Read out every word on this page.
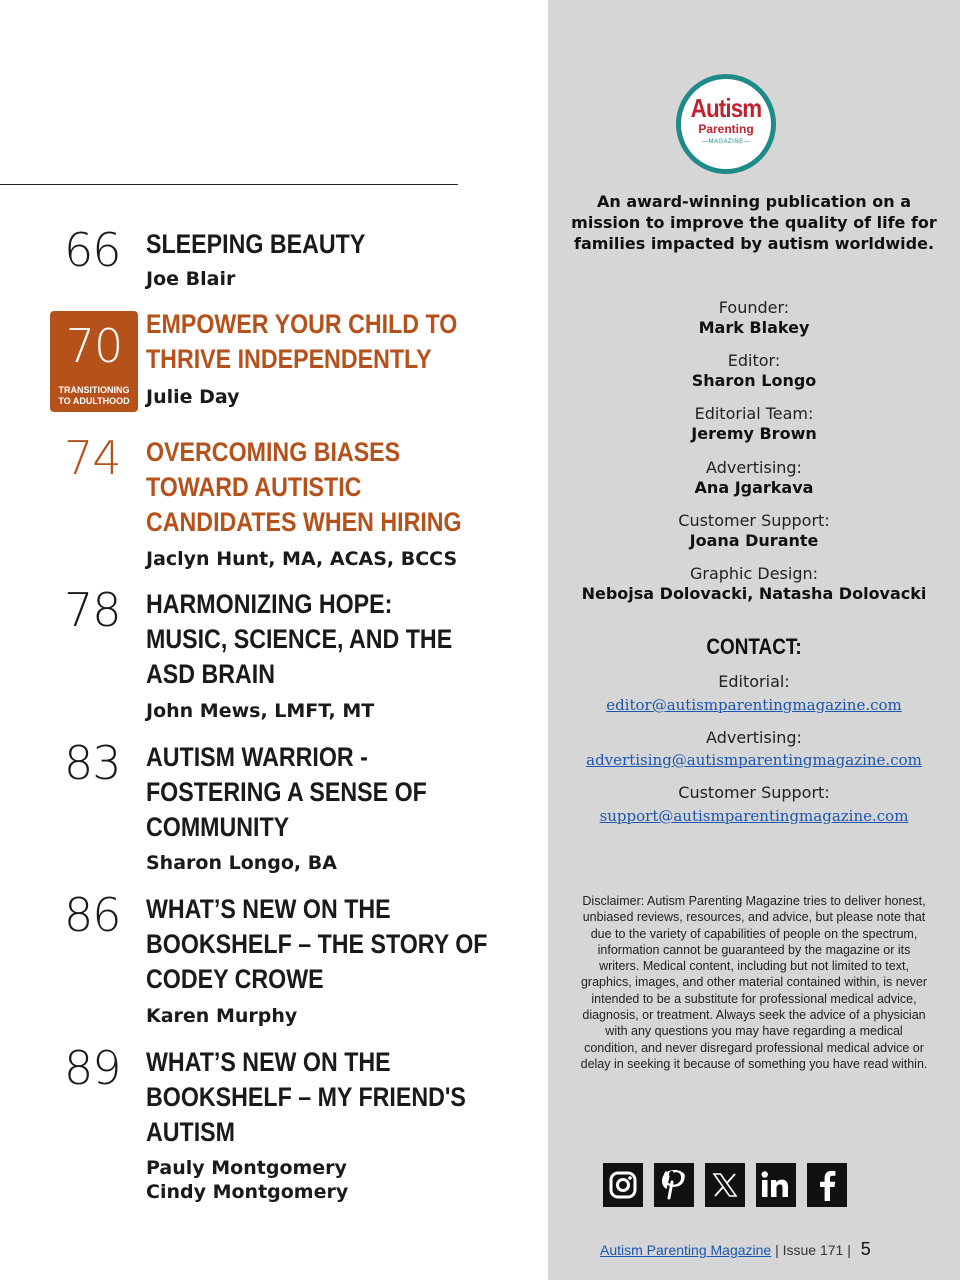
66 SLEEPING BEAUTY
Joe Blair
70
TRANSITIONING
TO ADULTHOOD
EMPOWER YOUR CHILD TO
THRIVE INDEPENDENTLY
Julie Day
74 OVERCOMING BIASES
TOWARD AUTISTIC
CANDIDATES WHEN HIRING
Jaclyn Hunt, MA, ACAS, BCCS
78 HARMONIZING HOPE:
MUSIC, SCIENCE, AND THE
ASD BRAIN
John Mews, LMFT, MT
83 AUTISM WARRIOR -
FOSTERING A SENSE OF
COMMUNITY
Sharon Longo, BA
86 WHAT’S NEW ON THE
BOOKSHELF – THE STORY OF
CODEY CROWE
Karen Murphy
89 WHAT’S NEW ON THE
BOOKSHELF – MY FRIEND'S
AUTISM
Pauly Montgomery
Cindy Montgomery
Autism
Parenting
—MAGAZINE—
An award-winning publication on a
mission to improve the quality of life for
families impacted by autism worldwide.
Founder:
Mark Blakey
Editor:
Sharon Longo
Editorial Team:
Jeremy Brown
Advertising:
Ana Jgarkava
Customer Support:
Joana Durante
Graphic Design:
Nebojsa Dolovacki, Natasha Dolovacki
CONTACT:
Editorial:
editor@autismparentingmagazine.com
Advertising:
advertising@autismparentingmagazine.com
Customer Support:
support@autismparentingmagazine.com
Disclaimer: Autism Parenting Magazine tries to deliver honest, unbiased reviews, resources, and advice, but please note that due to the variety of capabilities of people on the spectrum, information cannot be guaranteed by the magazine or its writers. Medical content, including but not limited to text, graphics, images, and other material contained within, is never intended to be a substitute for professional medical advice, diagnosis, or treatment. Always seek the advice of a physician with any questions you may have regarding a medical condition, and never disregard professional medical advice or delay in seeking it because of something you have read within.
Autism Parenting Magazine | Issue 171 | 5
